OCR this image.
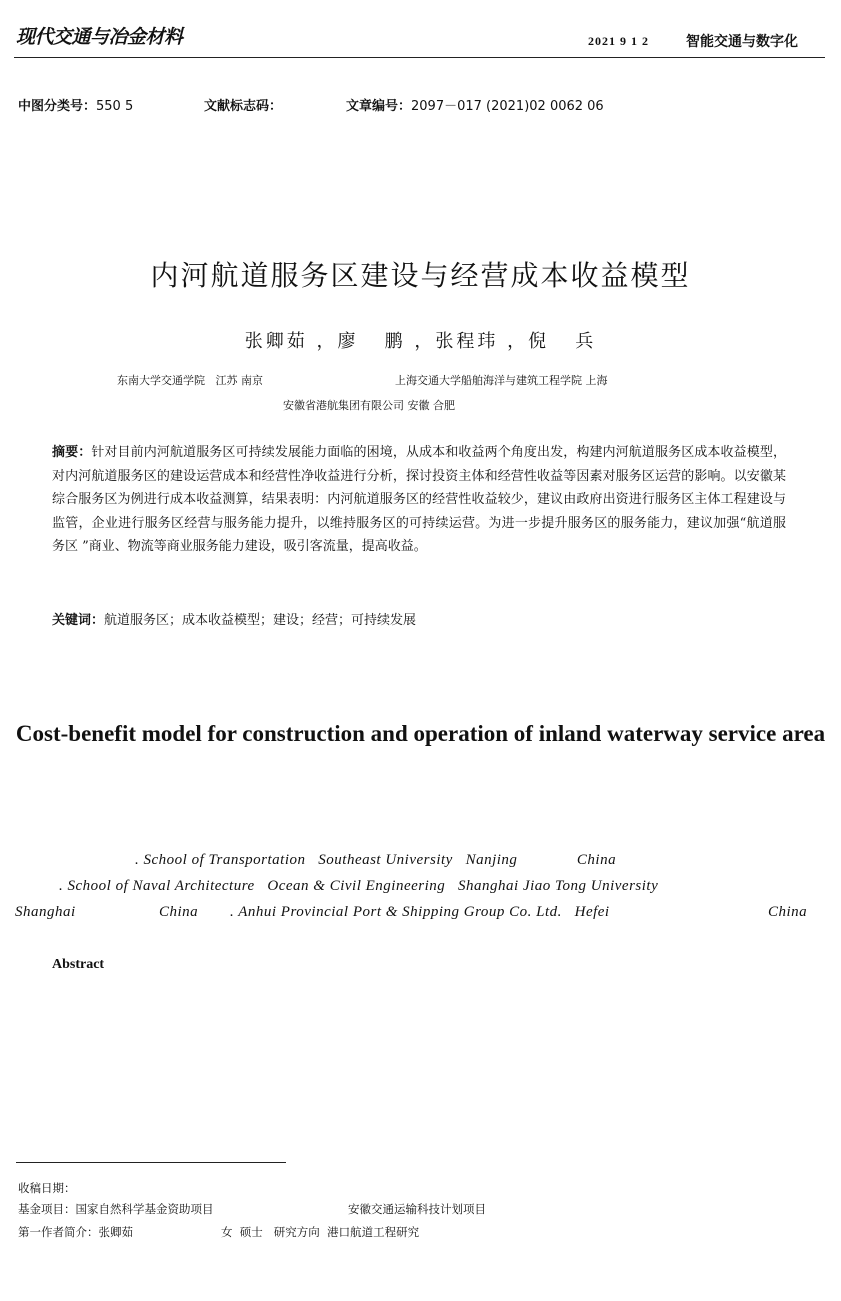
现代交通与冶金材料	2021 9 1 2	智能交通与数字化
中图分类号：550 5	文献标志码：	文章编号：2097－017 (2021)02 0062 06
内河航道服务区建设与经营成本收益模型
张卿茹 ，廖   鹏 ，张程玮 ，倪   兵
东南大学交通学院   江苏 南京	上海交通大学船舶海洋与建筑工程学院 上海
安徽省港航集团有限公司 安徽 合肥
摘要：针对目前内河航道服务区可持续发展能力面临的困境，从成本和收益两个角度出发，构建内河航道服务区成本收益模型，对内河航道服务区的建设运营成本和经营性净收益进行分析，探讨投资主体和经营性收益等因素对服务区运营的影响。以安徽某综合服务区为例进行成本收益测算，结果表明：内河航道服务区的经营性收益较少，建议由政府出资进行服务区主体工程建设与监管，企业进行服务区经营与服务能力提升，以维持服务区的可持续运营。为进一步提升服务区的服务能力，建议加强“航道服务区 ”商业、物流等商业服务能力建设，吸引客流量，提高收益。
关键词：航道服务区；成本收益模型；建设；经营；可持续发展
Cost-benefit model for construction and operation of inland waterway service area
. School of Transportation   Southeast University   Nanjing              China
. School of Naval Architecture   Ocean & Civil Engineering   Shanghai Jiao Tong University
Shanghai	China . Anhui Provincial Port & Shipping Group Co. Ltd.   Hefei	China
Abstract
收稿日期：
基金项目：国家自然科学基金资助项目	安徽交通运输科技计划项目
第一作者简介：张卿茹	女  硕士   研究方向  港口航道工程研究
